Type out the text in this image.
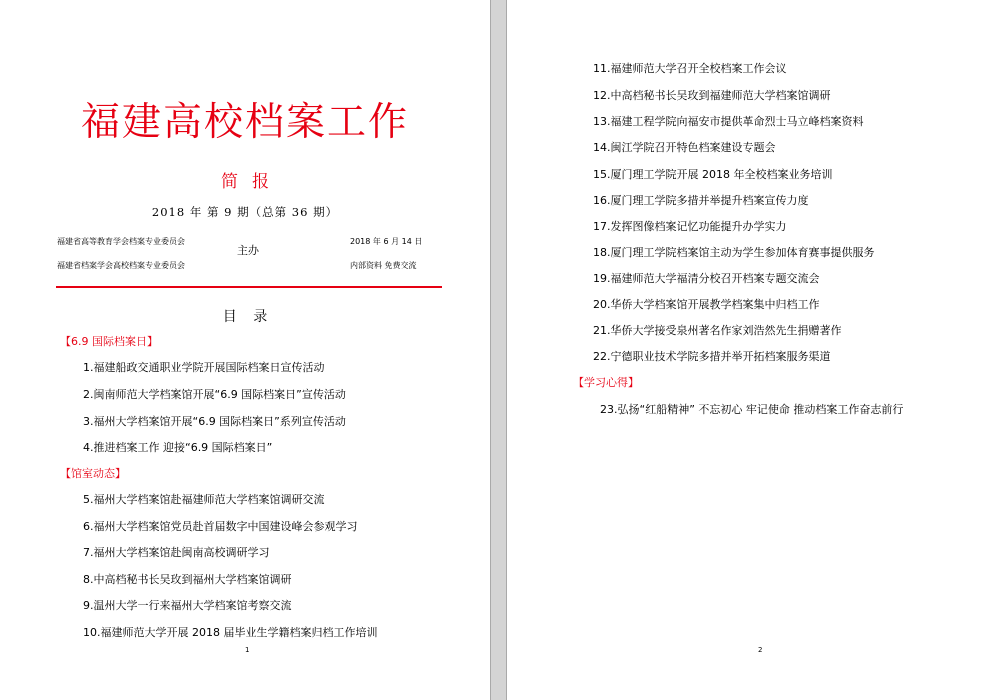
福建高校档案工作
简报
2018 年 第 9 期（总第 36 期）
福建省高等教育学会档案专业委员会
主办
2018 年 6 月 14 日
福建省档案学会高校档案专业委员会	内部资料 免费交流
目 录
【6.9 国际档案日】
1.福建船政交通职业学院开展国际档案日宣传活动
2.闽南师范大学档案馆开展“6.9 国际档案日”宣传活动
3.福州大学档案馆开展“6.9 国际档案日”系列宣传活动
4.推进档案工作 迎接“6.9 国际档案日”
【馆室动态】
5.福州大学档案馆赴福建师范大学档案馆调研交流
6.福州大学档案馆党员赴首届数字中国建设峰会参观学习
7.福州大学档案馆赴闽南高校调研学习
8.中高档秘书长吴玫到福州大学档案馆调研
9.温州大学一行来福州大学档案馆考察交流
10.福建师范大学开展 2018 届毕业生学籍档案归档工作培训
1
11.福建师范大学召开全校档案工作会议
12.中高档秘书长吴玫到福建师范大学档案馆调研
13.福建工程学院向福安市提供革命烈士马立峰档案资料
14.闽江学院召开特色档案建设专题会
15.厦门理工学院开展 2018 年全校档案业务培训
16.厦门理工学院多措并举提升档案宣传力度
17.发挥图像档案记忆功能提升办学实力
18.厦门理工学院档案馆主动为学生参加体育赛事提供服务
19.福建师范大学福清分校召开档案专题交流会
20.华侨大学档案馆开展教学档案集中归档工作
21.华侨大学接受泉州著名作家刘浩然先生捐赠著作
22.宁德职业技术学院多措并举开拓档案服务渠道
【学习心得】
23.弘扬“红船精神” 不忘初心 牢记使命 推动档案工作奋志前行
2
